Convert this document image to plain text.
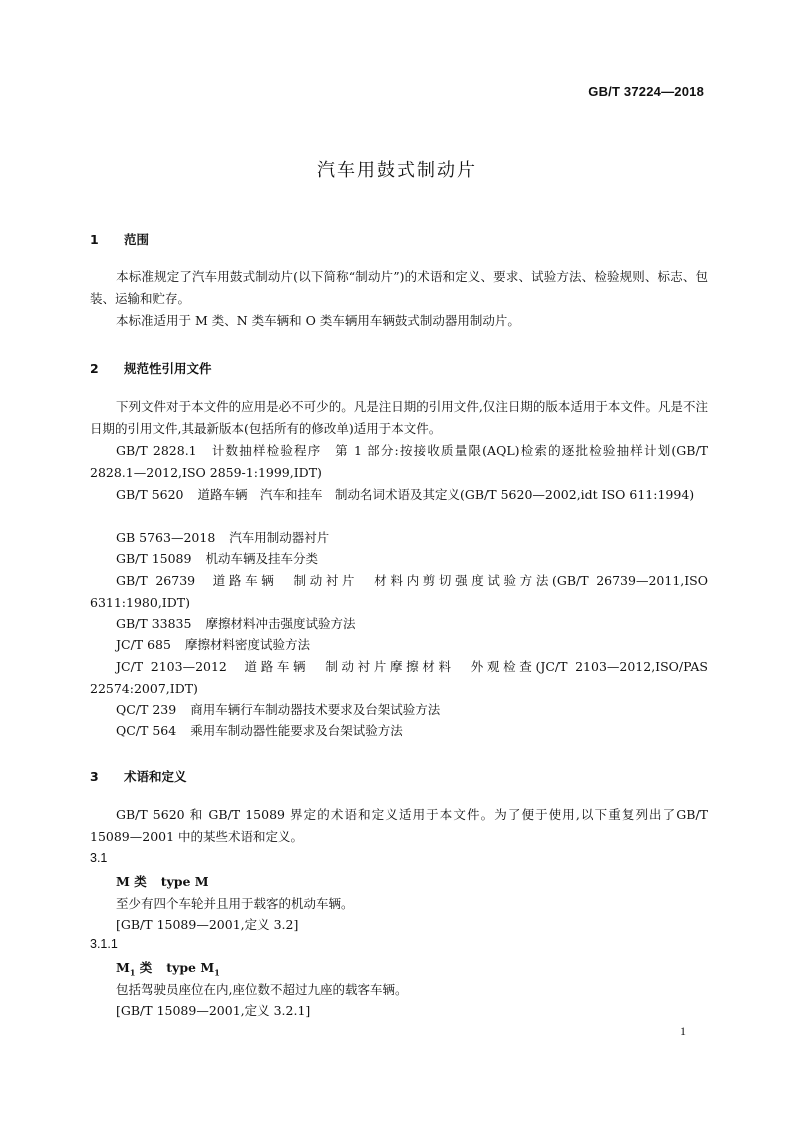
GB/T 37224—2018
汽车用鼓式制动片
1 范围
本标准规定了汽车用鼓式制动片(以下简称“制动片”)的术语和定义、要求、试验方法、检验规则、标志、包装、运输和贮存。
本标准适用于 M 类、N 类车辆和 O 类车辆用车辆鼓式制动器用制动片。
2 规范性引用文件
下列文件对于本文件的应用是必不可少的。凡是注日期的引用文件,仅注日期的版本适用于本文件。凡是不注日期的引用文件,其最新版本(包括所有的修改单)适用于本文件。
GB/T 2828.1 计数抽样检验程序　第 1 部分:按接收质量限(AQL)检索的逐批检验抽样计划(GB/T 2828.1—2012,ISO 2859-1:1999,IDT)
GB/T 5620 道路车辆　汽车和挂车　制动名词术语及其定义(GB/T 5620—2002,idt ISO 611:1994)
GB 5763—2018 汽车用制动器衬片
GB/T 15089 机动车辆及挂车分类
GB/T 26739 道路车辆　制动衬片　材料内剪切强度试验方法(GB/T 26739—2011,ISO 6311:1980,IDT)
GB/T 33835 摩擦材料冲击强度试验方法
JC/T 685 摩擦材料密度试验方法
JC/T 2103—2012 道路车辆　制动衬片摩擦材料　外观检查(JC/T 2103—2012,ISO/PAS 22574:2007,IDT)
QC/T 239 商用车辆行车制动器技术要求及台架试验方法
QC/T 564 乘用车制动器性能要求及台架试验方法
3 术语和定义
GB/T 5620 和 GB/T 15089 界定的术语和定义适用于本文件。为了便于使用,以下重复列出了GB/T 15089—2001 中的某些术语和定义。
3.1
M 类 type M
至少有四个车轮并且用于载客的机动车辆。
[GB/T 15089—2001,定义 3.2]
3.1.1
$M_1$ 类 type $M_1$
包括驾驶员座位在内,座位数不超过九座的载客车辆。
[GB/T 15089—2001,定义 3.2.1]
1
